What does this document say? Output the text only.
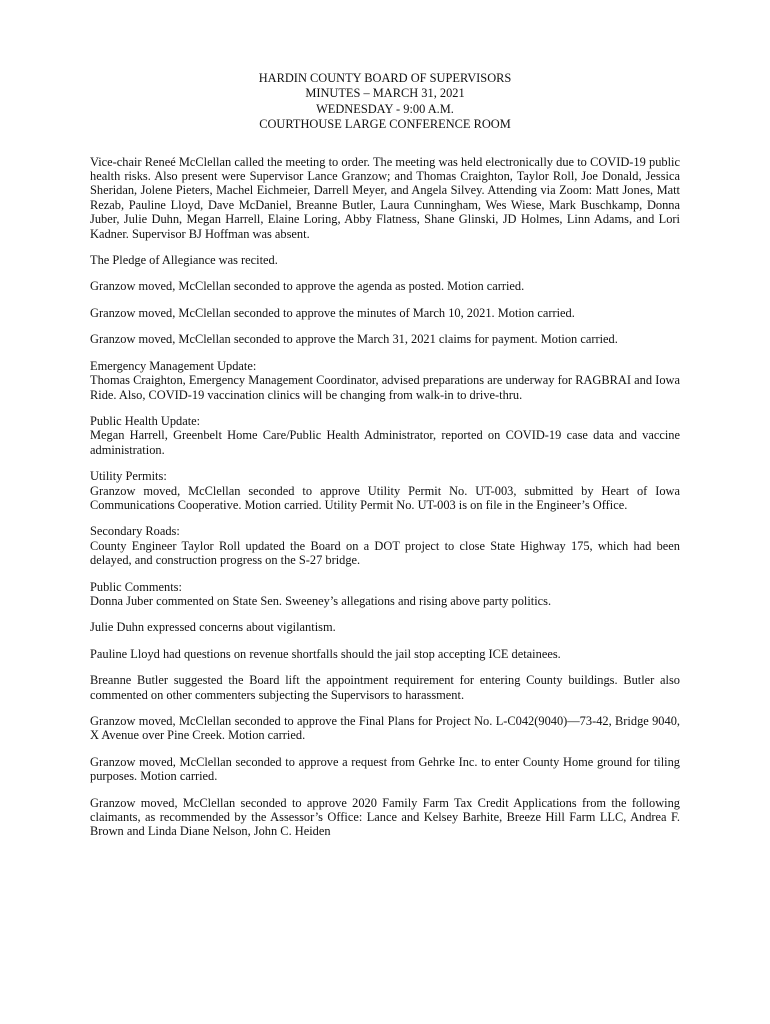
HARDIN COUNTY BOARD OF SUPERVISORS
MINUTES – MARCH 31, 2021
WEDNESDAY - 9:00 A.M.
COURTHOUSE LARGE CONFERENCE ROOM

Vice-chair Reneé McClellan called the meeting to order. The meeting was held electronically due to COVID-19 public health risks. Also present were Supervisor Lance Granzow; and Thomas Craighton, Taylor Roll, Joe Donald, Jessica Sheridan, Jolene Pieters, Machel Eichmeier, Darrell Meyer, and Angela Silvey. Attending via Zoom: Matt Jones, Matt Rezab, Pauline Lloyd, Dave McDaniel, Breanne Butler, Laura Cunningham, Wes Wiese, Mark Buschkamp, Donna Juber, Julie Duhn, Megan Harrell, Elaine Loring, Abby Flatness, Shane Glinski, JD Holmes, Linn Adams, and Lori Kadner. Supervisor BJ Hoffman was absent.

The Pledge of Allegiance was recited.

Granzow moved, McClellan seconded to approve the agenda as posted. Motion carried.

Granzow moved, McClellan seconded to approve the minutes of March 10, 2021. Motion carried.

Granzow moved, McClellan seconded to approve the March 31, 2021 claims for payment. Motion carried.

Emergency Management Update:
Thomas Craighton, Emergency Management Coordinator, advised preparations are underway for RAGBRAI and Iowa Ride. Also, COVID-19 vaccination clinics will be changing from walk-in to drive-thru.
Public Health Update:
Megan Harrell, Greenbelt Home Care/Public Health Administrator, reported on COVID-19 case data and vaccine administration.
Utility Permits:
Granzow moved, McClellan seconded to approve Utility Permit No. UT-003, submitted by Heart of Iowa Communications Cooperative. Motion carried. Utility Permit No. UT-003 is on file in the Engineer’s Office.
Secondary Roads:
County Engineer Taylor Roll updated the Board on a DOT project to close State Highway 175, which had been delayed, and construction progress on the S-27 bridge.
Public Comments:
Donna Juber commented on State Sen. Sweeney’s allegations and rising above party politics.

Julie Duhn expressed concerns about vigilantism.

Pauline Lloyd had questions on revenue shortfalls should the jail stop accepting ICE detainees.

Breanne Butler suggested the Board lift the appointment requirement for entering County buildings. Butler also commented on other commenters subjecting the Supervisors to harassment.

Granzow moved, McClellan seconded to approve the Final Plans for Project No. L-C042(9040)—73-42, Bridge 9040, X Avenue over Pine Creek. Motion carried.

Granzow moved, McClellan seconded to approve a request from Gehrke Inc. to enter County Home ground for tiling purposes. Motion carried.

Granzow moved, McClellan seconded to approve 2020 Family Farm Tax Credit Applications from the following claimants, as recommended by the Assessor’s Office: Lance and Kelsey Barhite, Breeze Hill Farm LLC, Andrea F. Brown and Linda Diane Nelson, John C. Heiden
